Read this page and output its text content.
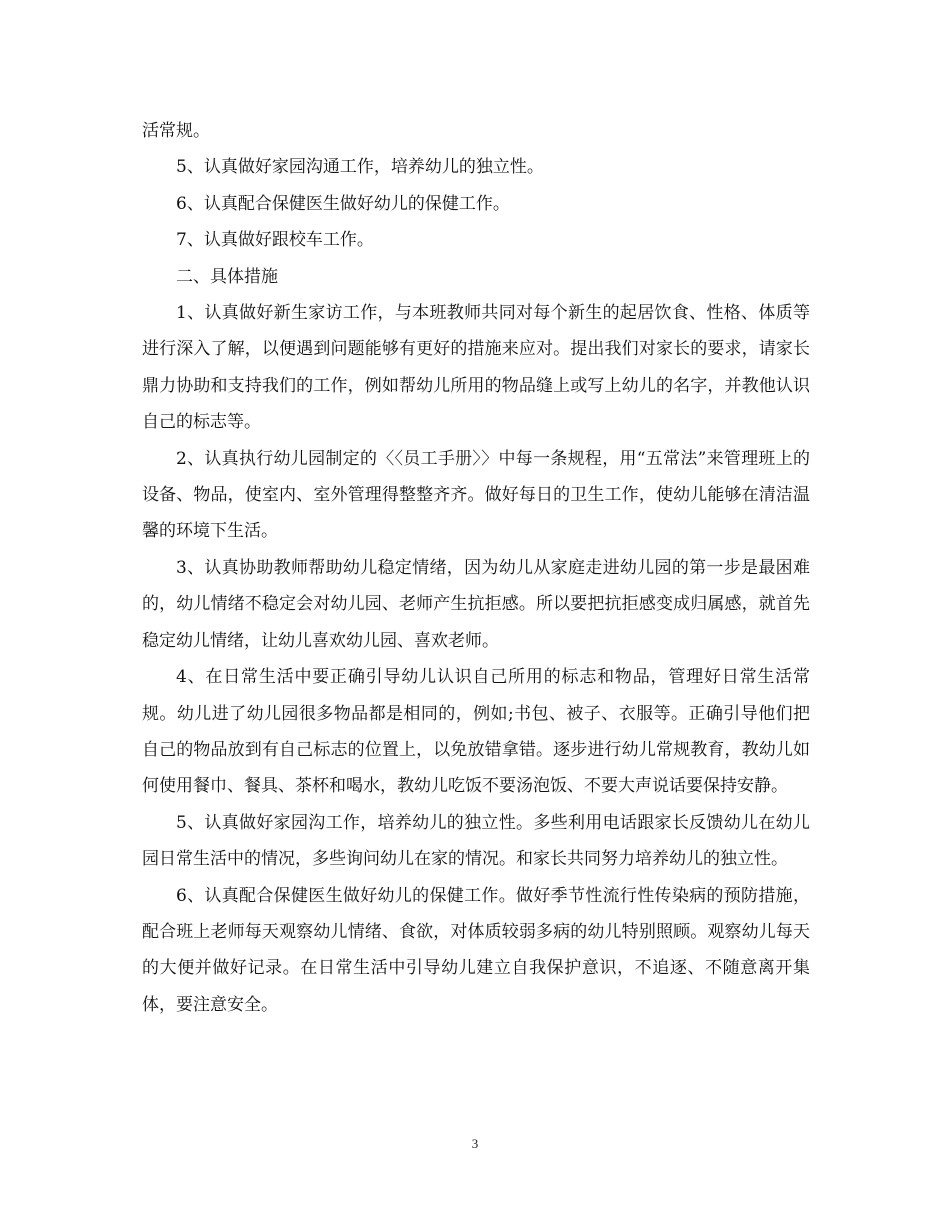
活常规。

5、认真做好家园沟通工作，培养幼儿的独立性。

6、认真配合保健医生做好幼儿的保健工作。

7、认真做好跟校车工作。

二、具体措施

1、认真做好新生家访工作，与本班教师共同对每个新生的起居饮食、性格、体质等进行深入了解，以便遇到问题能够有更好的措施来应对。提出我们对家长的要求，请家长鼎力协助和支持我们的工作，例如帮幼儿所用的物品缝上或写上幼儿的名字，并教他认识自己的标志等。

2、认真执行幼儿园制定的〈〈员工手册〉〉中每一条规程，用“五常法”来管理班上的设备、物品，使室内、室外管理得整整齐齐。做好每日的卫生工作，使幼儿能够在清洁温馨的环境下生活。

3、认真协助教师帮助幼儿稳定情绪，因为幼儿从家庭走进幼儿园的第一步是最困难的，幼儿情绪不稳定会对幼儿园、老师产生抗拒感。所以要把抗拒感变成归属感，就首先稳定幼儿情绪，让幼儿喜欢幼儿园、喜欢老师。

4、在日常生活中要正确引导幼儿认识自己所用的标志和物品，管理好日常生活常规。幼儿进了幼儿园很多物品都是相同的，例如;书包、被子、衣服等。正确引导他们把自己的物品放到有自己标志的位置上，以免放错拿错。逐步进行幼儿常规教育，教幼儿如何使用餐巾、餐具、茶杯和喝水，教幼儿吃饭不要汤泡饭、不要大声说话要保持安静。

5、认真做好家园沟工作，培养幼儿的独立性。多些利用电话跟家长反馈幼儿在幼儿园日常生活中的情况，多些询问幼儿在家的情况。和家长共同努力培养幼儿的独立性。

6、认真配合保健医生做好幼儿的保健工作。做好季节性流行性传染病的预防措施，配合班上老师每天观察幼儿情绪、食欲，对体质较弱多病的幼儿特别照顾。观察幼儿每天的大便并做好记录。在日常生活中引导幼儿建立自我保护意识，不追逐、不随意离开集体，要注意安全。

3
